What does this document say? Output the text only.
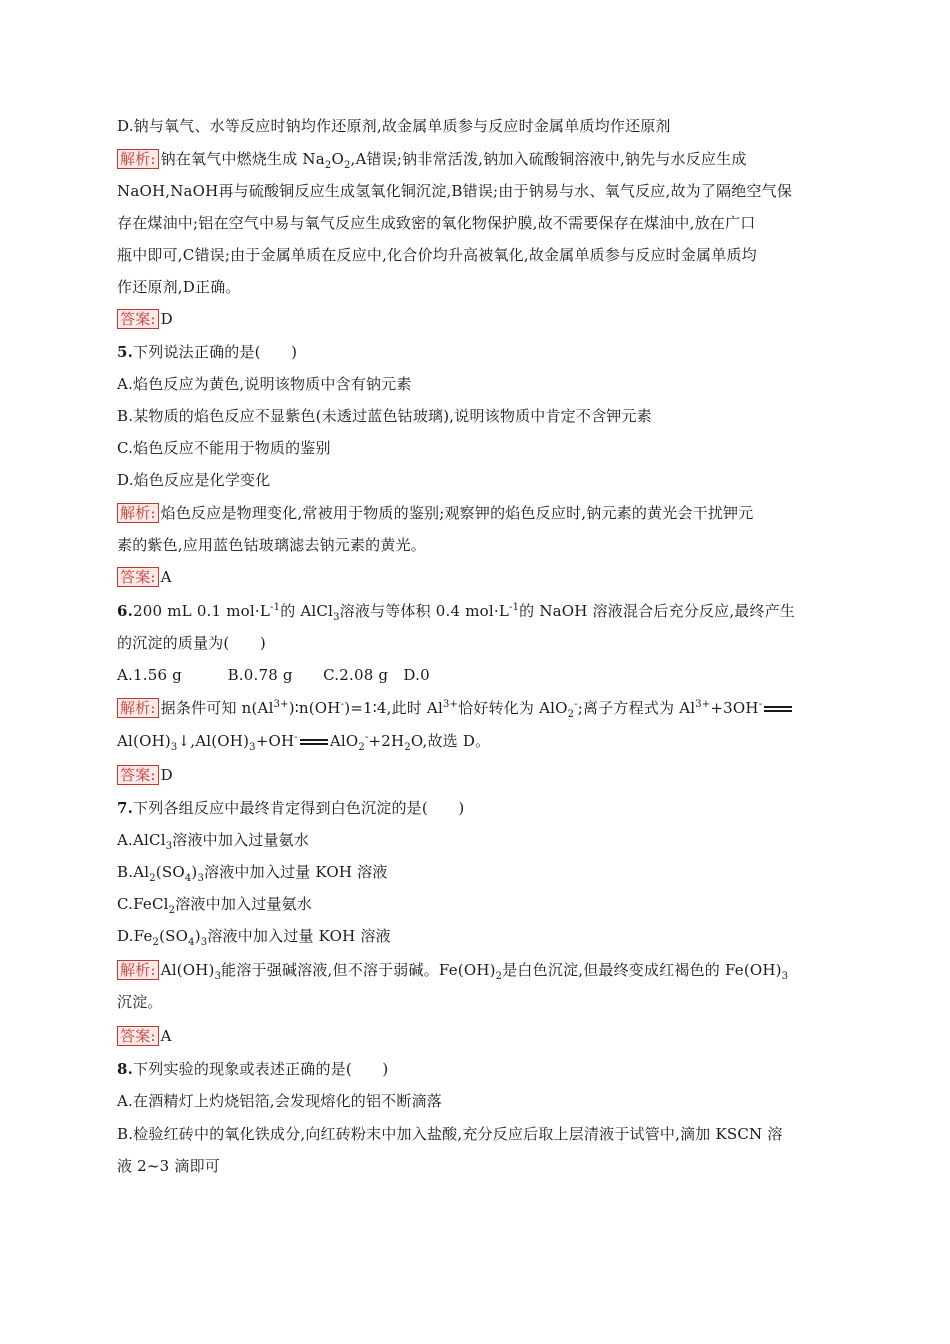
D.钠与氧气、水等反应时钠均作还原剂,故金属单质参与反应时金属单质均作还原剂
解析: 钠在氧气中燃烧生成 $Na_2O_2,A$错误;钠非常活泼,钠加入硫酸铜溶液中,钠先与水反应生成
NaOH,NaOH再与硫酸铜反应生成氢氧化铜沉淀,B错误;由于钠易与水、氧气反应,故为了隔绝空气保
存在煤油中;铝在空气中易与氧气反应生成致密的氧化物保护膜,故不需要保存在煤油中,放在广口
瓶中即可,C错误;由于金属单质在反应中,化合价均升高被氧化,故金属单质参与反应时金属单质均
作还原剂,D正确。
答案: D
5.下列说法正确的是(　　)
A.焰色反应为黄色,说明该物质中含有钠元素
B.某物质的焰色反应不显紫色(未透过蓝色钴玻璃),说明该物质中肯定不含钾元素
C.焰色反应不能用于物质的鉴别
D.焰色反应是化学变化
解析: 焰色反应是物理变化,常被用于物质的鉴别;观察钾的焰色反应时,钠元素的黄光会干扰钾元
素的紫色,应用蓝色钴玻璃滤去钠元素的黄光。
答案: A
6.200 mL 0.1 $mol\cdot L^{-1}$的 AlCl$_3$溶液与等体积 0.4 $mol\cdot L^{-1}$的 NaOH 溶液混合后充分反应,最终产生
的沉淀的质量为(　　)
A.1.56 g　　　B.0.78 g　　C.2.08 g　D.0
解析: 据条件可知 $n(Al^{3+})∶n(OH^-)=1∶4$,此时 $Al^{3+}$恰好转化为 AlO$_2$-;离子方程式为 $Al^{3+}+3OH^-$
$Al(OH)_3↓,Al(OH)_3+OH^-$ $AlO_2^-+2H_2O$,故选 D。
答案: D
7.下列各组反应中最终肯定得到白色沉淀的是(　　)
A.AlCl$_3$溶液中加入过量氨水
$B.Al_2(SO_4)_3$溶液中加入过量 KOH 溶液
C.FeCl$_2$溶液中加入过量氨水
$D.Fe_2(SO_4)_3$溶液中加入过量 KOH 溶液
解析: $Al(OH)_3$能溶于强碱溶液,但不溶于弱碱。$Fe(OH)_2$是白色沉淀,但最终变成红褐色的 $Fe(OH)_3$
沉淀。
答案: A
8.下列实验的现象或表述正确的是(　　)
A.在酒精灯上灼烧铝箔,会发现熔化的铝不断滴落
B.检验红砖中的氧化铁成分,向红砖粉末中加入盐酸,充分反应后取上层清液于试管中,滴加 KSCN 溶
液 2~3 滴即可
